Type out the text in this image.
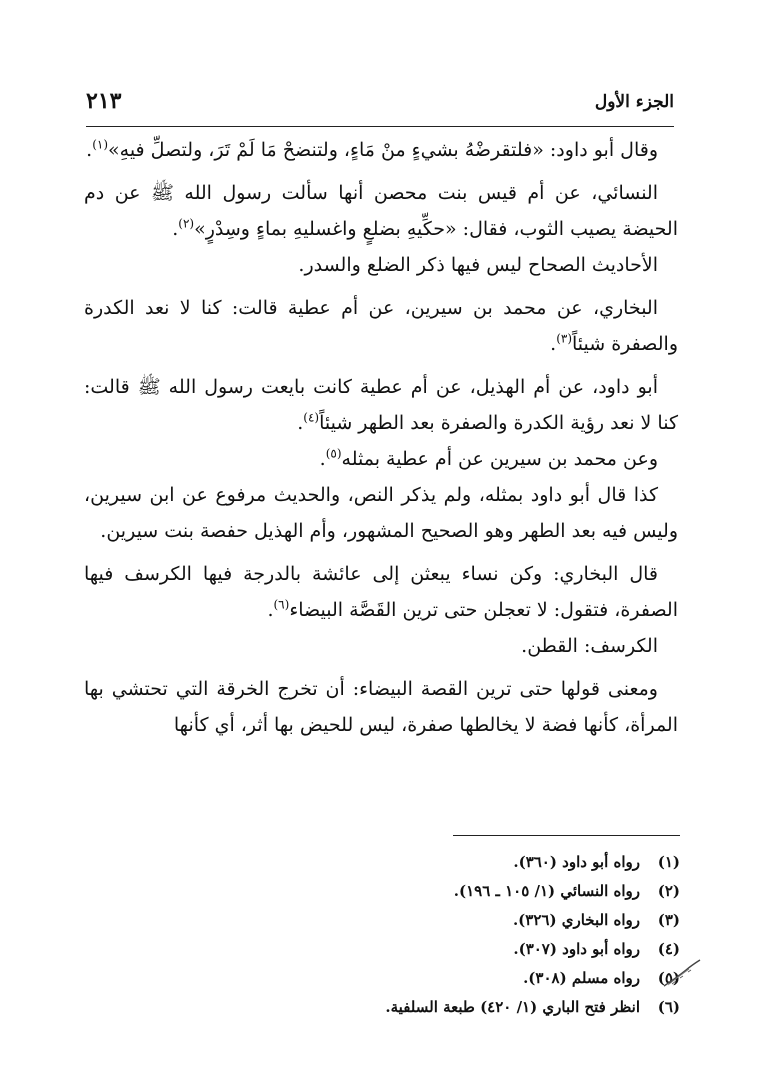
الجزء الأول
٢١٣

وقال أبو داود: «فلتقرضْهُ بشيءٍ منْ مَاءٍ، ولتنضحْ مَا لَمْ تَرَ، ولتصلِّ فيهِ»$^{(١)}$.

النسائي، عن أم قيس بنت محصن أنها سألت رسول الله ﷺ عن دم الحيضة يصيب الثوب، فقال: «حكِّيهِ بضلعٍ واغسليهِ بماءٍ وسِدْرٍ»$^{(٢)}$.

الأحاديث الصحاح ليس فيها ذكر الضلع والسدر.

البخاري، عن محمد بن سيرين، عن أم عطية قالت: كنا لا نعد الكدرة والصفرة شيئاً$^{(٣)}$.

أبو داود، عن أم الهذيل، عن أم عطية كانت بايعت رسول الله ﷺ قالت: كنا لا نعد رؤية الكدرة والصفرة بعد الطهر شيئاً$^{(٤)}$.

وعن محمد بن سيرين عن أم عطية بمثله$^{(٥)}$.

كذا قال أبو داود بمثله، ولم يذكر النص، والحديث مرفوع عن ابن سيرين، وليس فيه بعد الطهر وهو الصحيح المشهور، وأم الهذيل حفصة بنت سيرين.

قال البخاري: وكن نساء يبعثن إلى عائشة بالدرجة فيها الكرسف فيها الصفرة، فتقول: لا تعجلن حتى ترين القَصَّة البيضاء$^{(٦)}$.

الكرسف: القطن.

ومعنى قولها حتى ترين القصة البيضاء: أن تخرج الخرقة التي تحتشي بها المرأة، كأنها فضة لا يخالطها صفرة، ليس للحيض بها أثر، أي كأنها

(١)
رواه أبو داود (٣٦٠).
(٢)
رواه النسائي (١/ ١٠٥ ـ ١٩٦).
(٣)
رواه البخاري (٣٢٦).
(٤)
رواه أبو داود (٣٠٧).
(٥)
رواه مسلم (٣٠٨).
(٦)
انظر فتح الباري (١/ ٤٢٠) طبعة السلفية.
